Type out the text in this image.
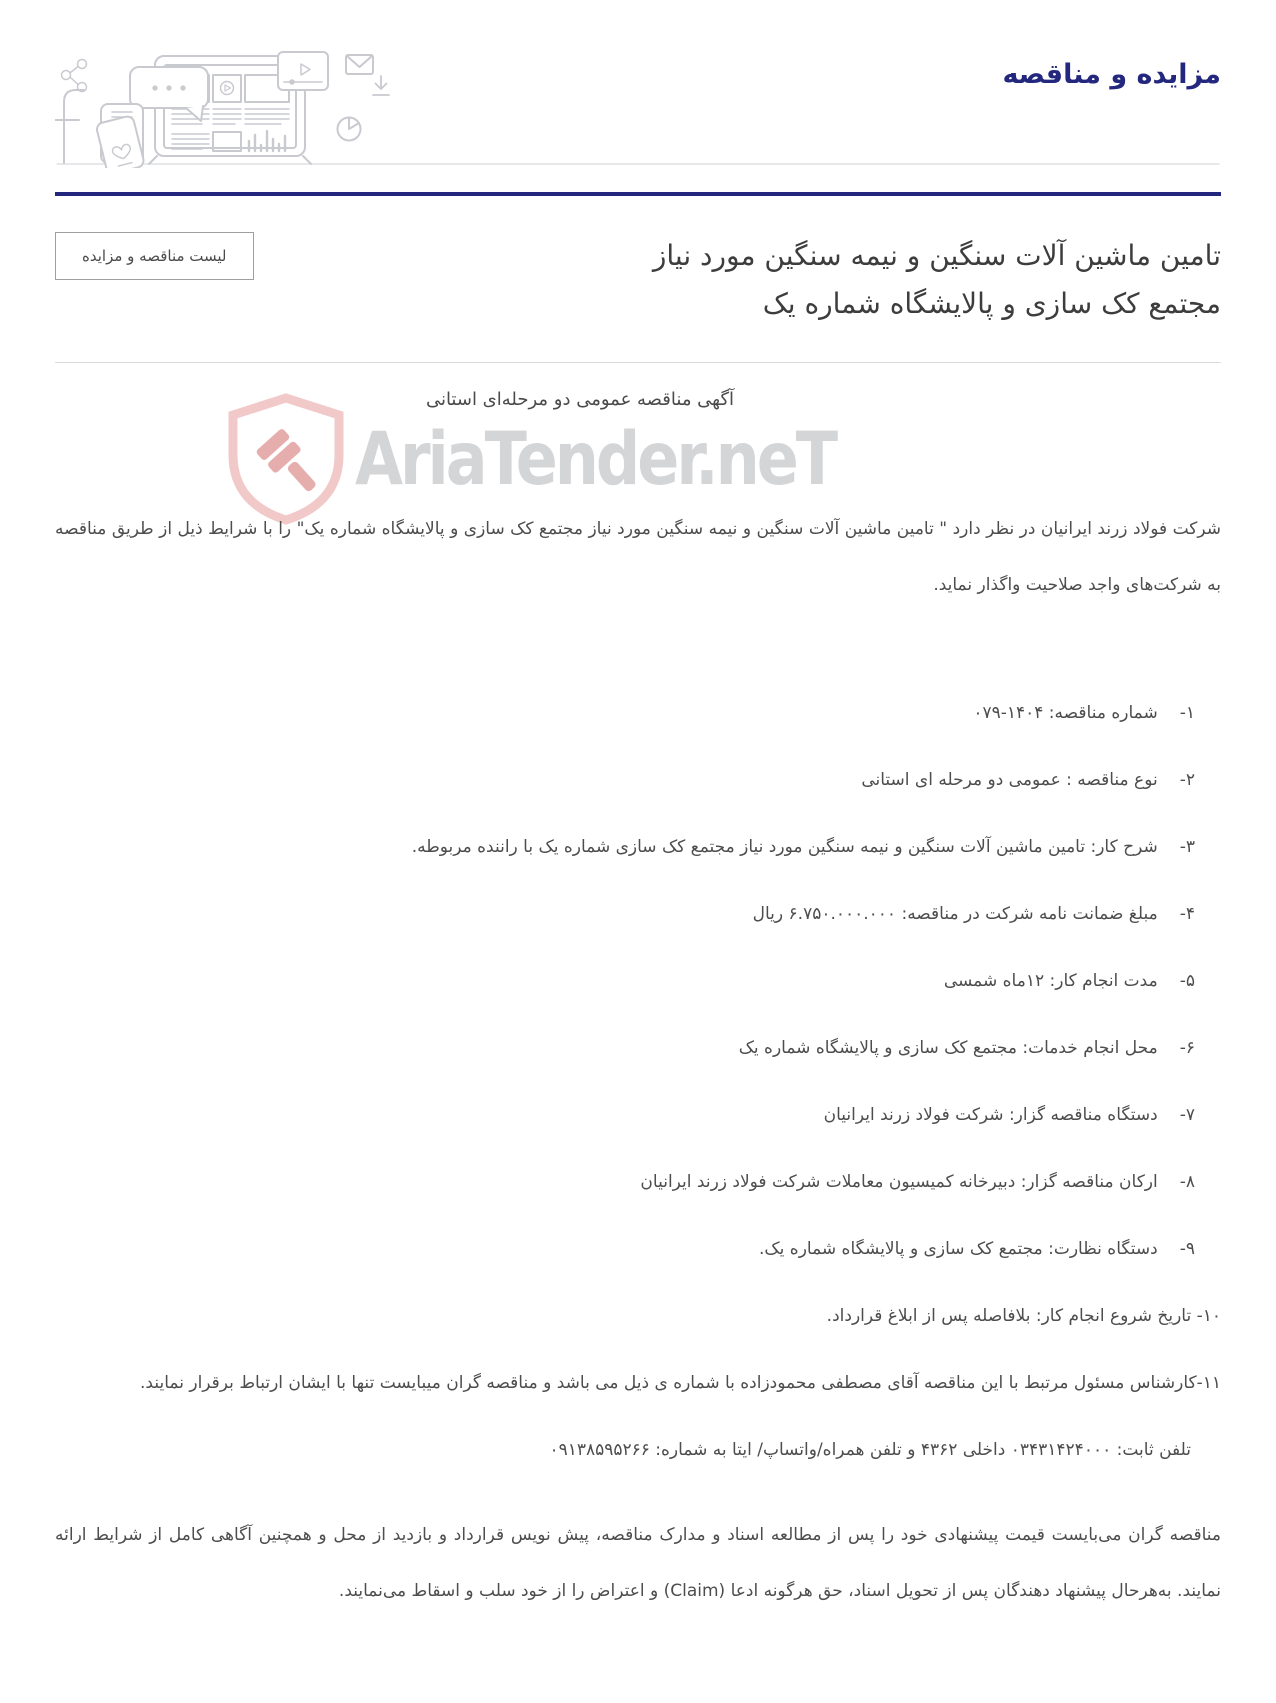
مزایده و مناقصه
لیست مناقصه و مزایده	تامین ماشین آلات سنگین و نیمه سنگین مورد نیاز مجتمع کک سازی و پالایشگاه شماره یک
آگهی مناقصه عمومی دو مرحله‌ای استانی
AriaTender.neT

شرکت فولاد زرند ایرانیان در نظر دارد " تامین ماشین آلات سنگین و نیمه سنگین مورد نیاز مجتمع کک سازی و پالایشگاه شماره یک" را با شرایط ذیل از طریق مناقصه به شرکت‌های واجد صلاحیت واگذار نماید.

۱-
شماره مناقصه: ۱۴۰۴-۰۷۹
۲-
نوع مناقصه : عمومی دو مرحله ای استانی
۳-
شرح کار: تامین ماشین آلات سنگین و نیمه سنگین مورد نیاز مجتمع کک سازی شماره یک با راننده مربوطه.
۴-
مبلغ ضمانت نامه شرکت در مناقصه: ۶.۷۵۰.۰۰۰.۰۰۰ ریال
۵-
مدت انجام کار: ۱۲ماه شمسی
۶-
محل انجام خدمات: مجتمع کک سازی و پالایشگاه شماره یک
۷-
دستگاه مناقصه گزار: شرکت فولاد زرند ایرانیان
۸-
ارکان مناقصه گزار: دبیرخانه کمیسیون معاملات شرکت فولاد زرند ایرانیان
۹-
دستگاه نظارت: مجتمع کک سازی و پالایشگاه شماره یک.

۱۰- تاریخ شروع انجام کار: بلافاصله پس از ابلاغ قرارداد.

۱۱-کارشناس مسئول مرتبط با این مناقصه آقای مصطفی محمودزاده با شماره ی ذیل می باشد و مناقصه گران میبایست تنها با ایشان ارتباط برقرار نمایند.

تلفن ثابت: ۰۳۴۳۱۴۲۴۰۰۰ داخلی ۴۳۶۲ و تلفن همراه/واتساپ/ ایتا به شماره: ۰۹۱۳۸۵۹۵۲۶۶

مناقصه گران می‌بایست قیمت پیشنهادی خود را پس از مطالعه اسناد و مدارک مناقصه، پیش نویس قرارداد و بازدید از محل و همچنین آگاهی کامل از شرایط ارائه نمایند. به‌هرحال پیشنهاد دهندگان پس از تحویل اسناد، حق هرگونه ادعا (Claim) و اعتراض را از خود سلب و اسقاط می‌نمایند.
